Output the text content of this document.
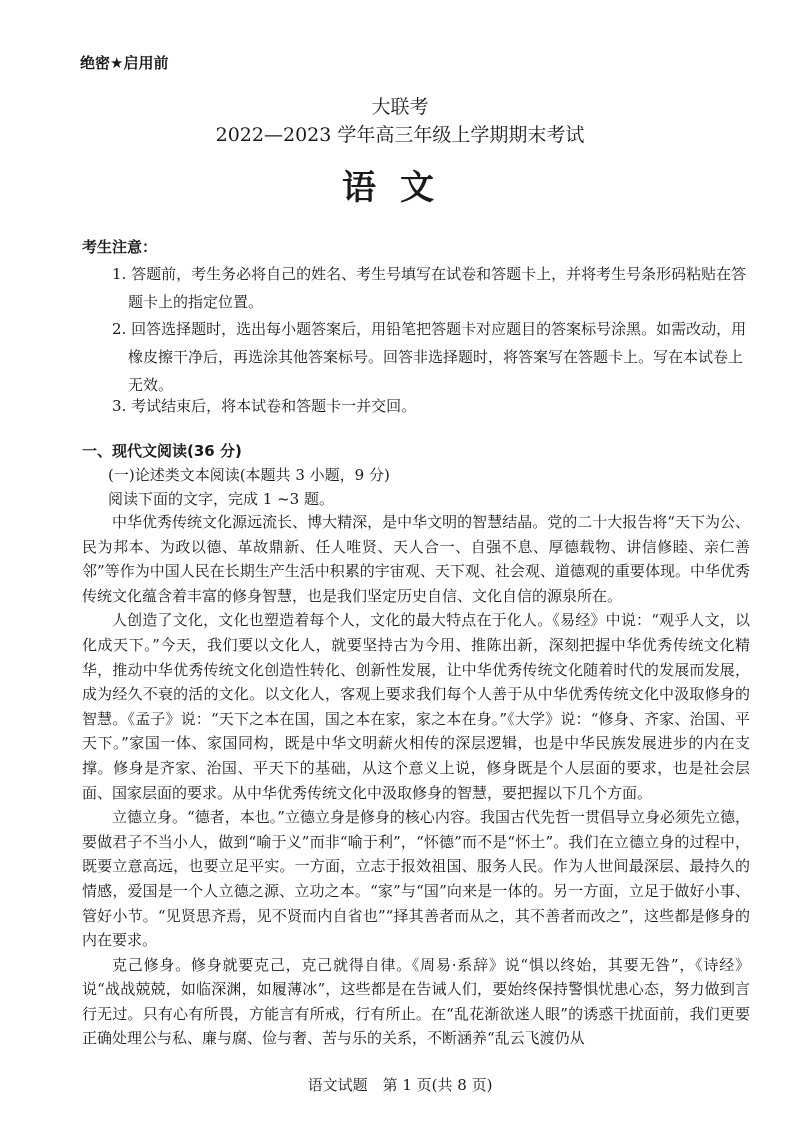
绝密★启用前
大联考
2022—2023 学年高三年级上学期期末考试
语文
考生注意：
1. 答题前，考生务必将自己的姓名、考生号填写在试卷和答题卡上，并将考生号条形码粘贴在答题卡上的指定位置。
2. 回答选择题时，选出每小题答案后，用铅笔把答题卡对应题目的答案标号涂黑。如需改动，用橡皮擦干净后，再选涂其他答案标号。回答非选择题时，将答案写在答题卡上。写在本试卷上无效。
3. 考试结束后，将本试卷和答题卡一并交回。
一、现代文阅读(36 分)
(一)论述类文本阅读(本题共 3 小题，9 分)
阅读下面的文字，完成 1 ~3 题。

中华优秀传统文化源远流长、博大精深，是中华文明的智慧结晶。党的二十大报告将“天下为公、民为邦本、为政以德、革故鼎新、任人唯贤、天人合一、自强不息、厚德载物、讲信修睦、亲仁善邻”等作为中国人民在长期生产生活中积累的宇宙观、天下观、社会观、道德观的重要体现。中华优秀传统文化蕴含着丰富的修身智慧，也是我们坚定历史自信、文化自信的源泉所在。

人创造了文化，文化也塑造着每个人，文化的最大特点在于化人。《易经》中说：“观乎人文，以化成天下。”今天，我们要以文化人，就要坚持古为今用、推陈出新，深刻把握中华优秀传统文化精华，推动中华优秀传统文化创造性转化、创新性发展，让中华优秀传统文化随着时代的发展而发展，成为经久不衰的活的文化。以文化人，客观上要求我们每个人善于从中华优秀传统文化中汲取修身的智慧。《孟子》说：“天下之本在国，国之本在家，家之本在身。”《大学》说：“修身、齐家、治国、平天下。”家国一体、家国同构，既是中华文明薪火相传的深层逻辑，也是中华民族发展进步的内在支撑。修身是齐家、治国、平天下的基础，从这个意义上说，修身既是个人层面的要求，也是社会层面、国家层面的要求。从中华优秀传统文化中汲取修身的智慧，要把握以下几个方面。

立德立身。“德者，本也。”立德立身是修身的核心内容。我国古代先哲一贯倡导立身必须先立德，要做君子不当小人，做到“喻于义”而非“喻于利”，“怀德”而不是“怀土”。我们在立德立身的过程中，既要立意高远，也要立足平实。一方面，立志于报效祖国、服务人民。作为人世间最深层、最持久的情感，爱国是一个人立德之源、立功之本。“家”与“国”向来是一体的。另一方面，立足于做好小事、管好小节。“见贤思齐焉，见不贤而内自省也”“择其善者而从之，其不善者而改之”，这些都是修身的内在要求。

克己修身。修身就要克己，克己就得自律。《周易·系辞》说“惧以终始，其要无咎”，《诗经》说“战战兢兢，如临深渊，如履薄冰”，这些都是在告诫人们，要始终保持警惧忧患心态，努力做到言行无过。只有心有所畏，方能言有所戒，行有所止。在“乱花渐欲迷人眼”的诱惑干扰面前，我们更要正确处理公与私、廉与腐、俭与奢、苦与乐的关系，不断涵养“乱云飞渡仍从

语文试题　第 1 页(共 8 页)
